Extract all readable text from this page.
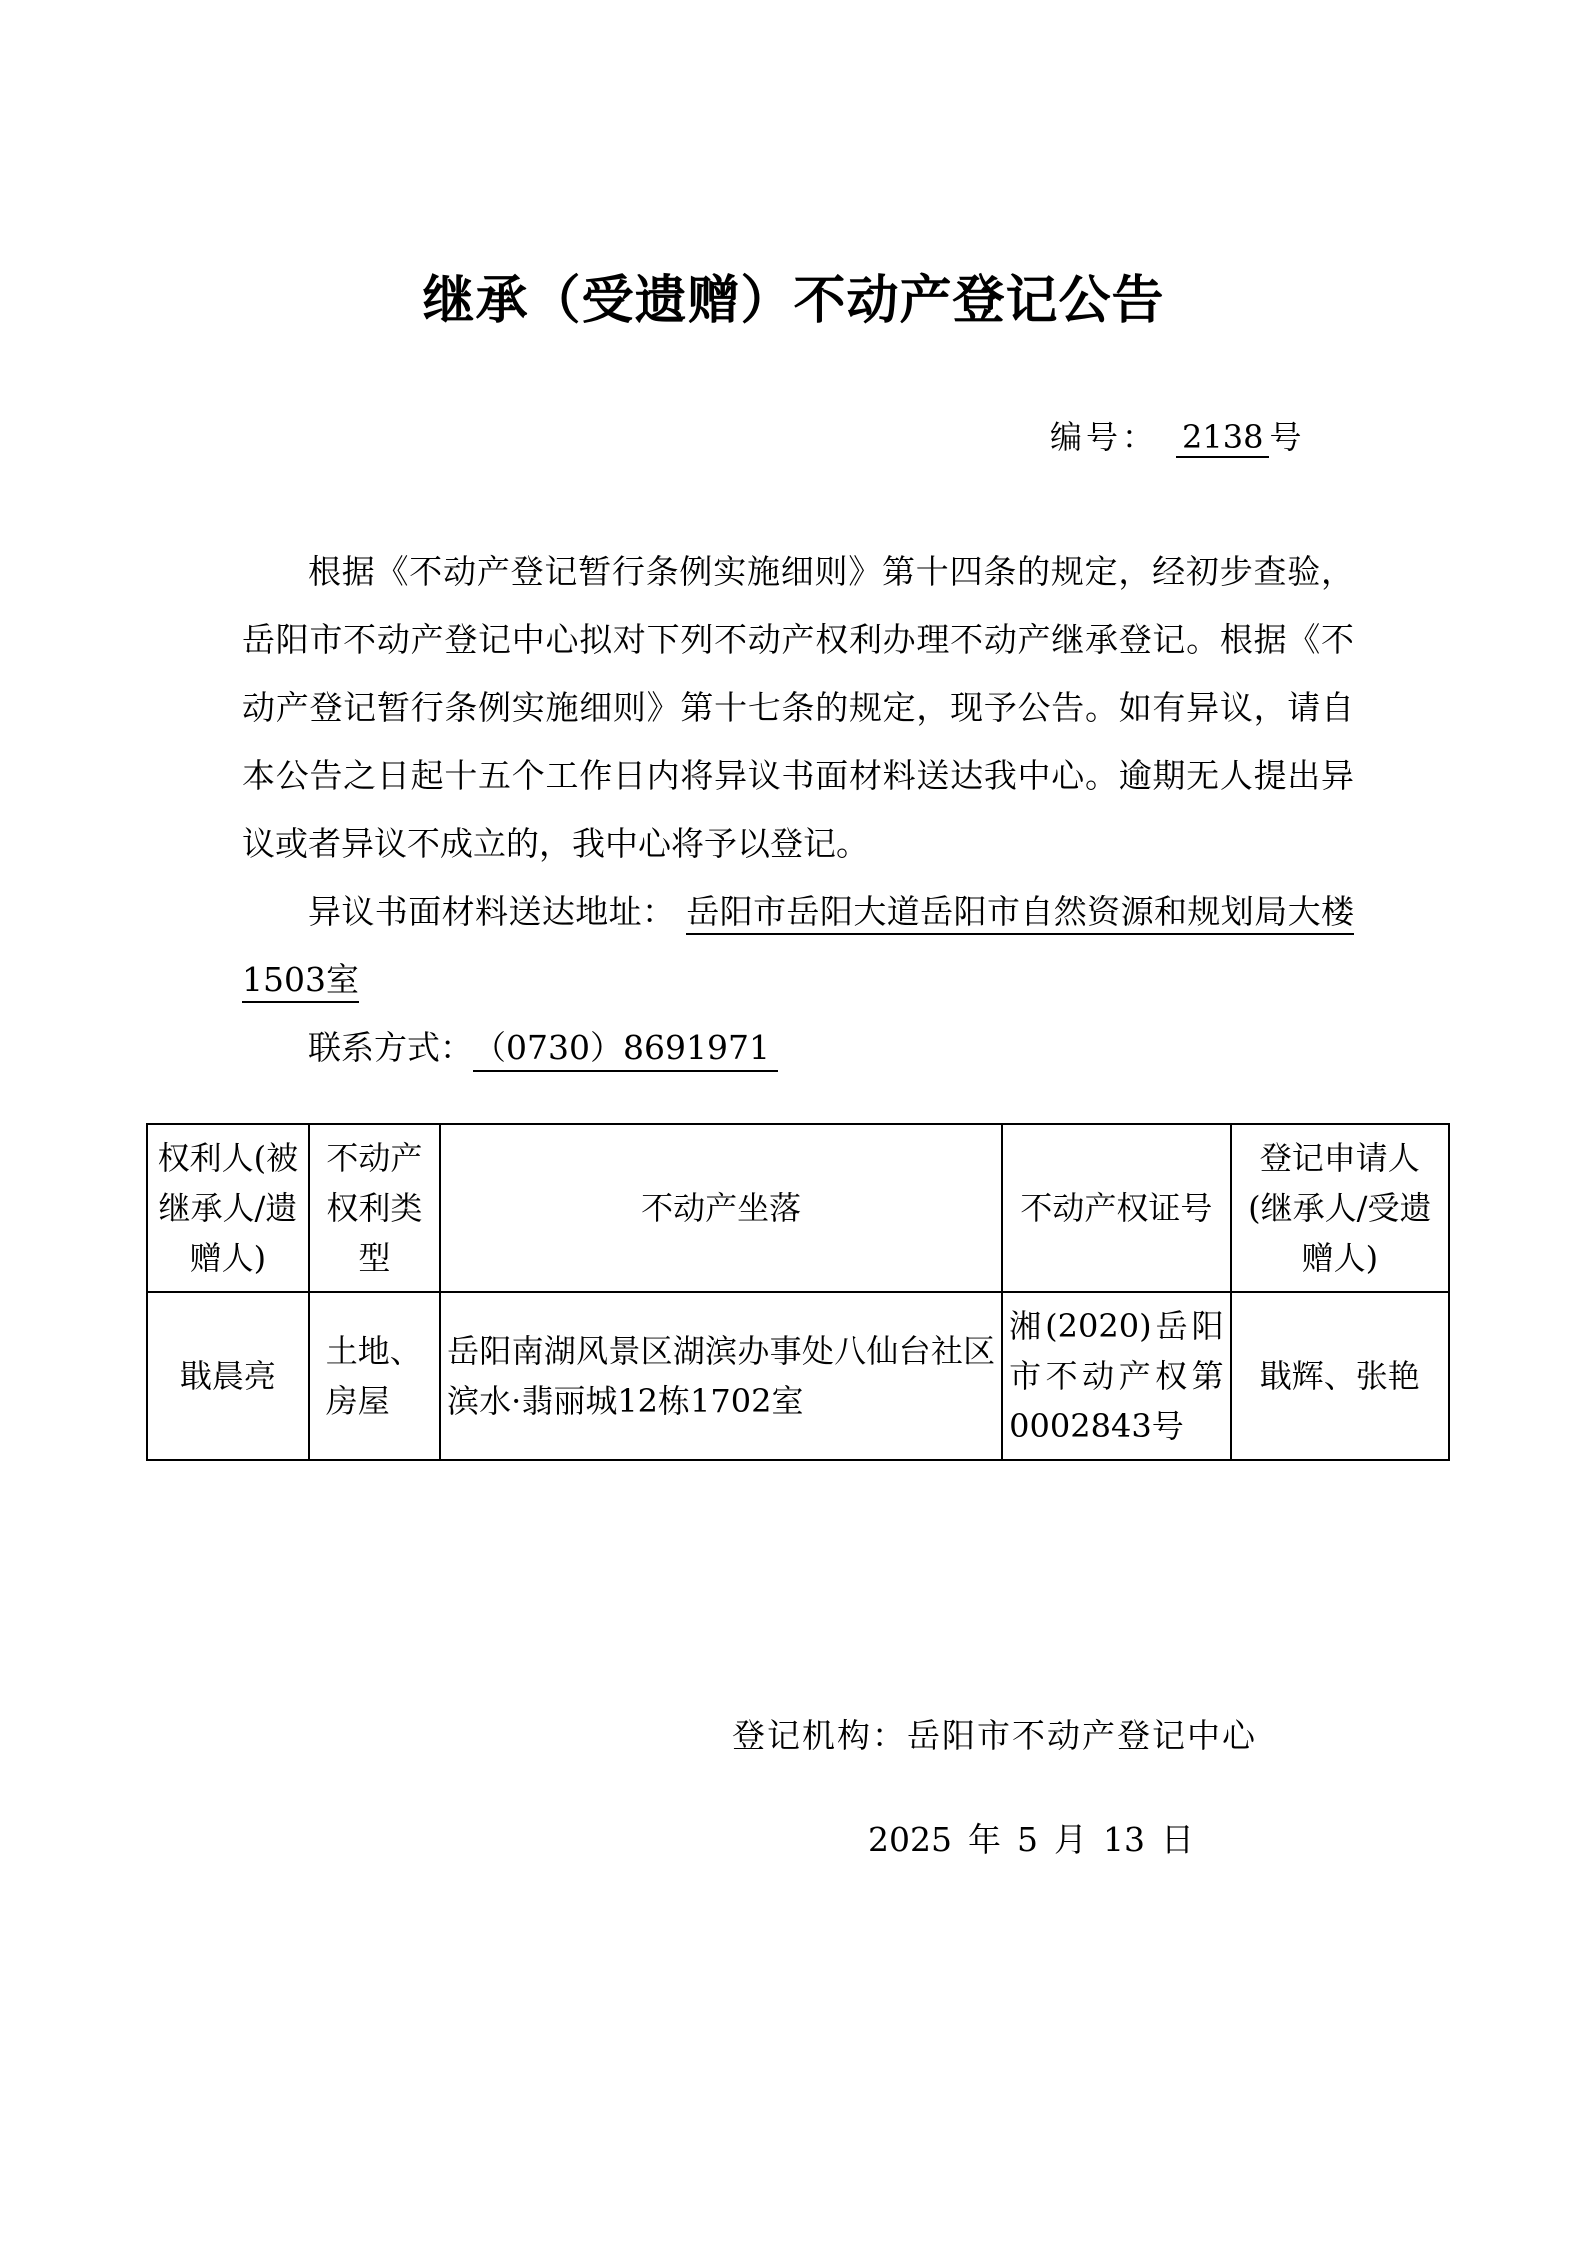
继承（受遗赠）不动产登记公告
编号： 2138 号

根据《不动产登记暂行条例实施细则》第十四条的规定，经初步查验，岳阳市不动产登记中心拟对下列不动产权利办理不动产继承登记。根据《不动产登记暂行条例实施细则》第十七条的规定，现予公告。如有异议，请自本公告之日起十五个工作日内将异议书面材料送达我中心。逾期无人提出异议或者异议不成立的，我中心将予以登记。

异议书面材料送达地址： 岳阳市岳阳大道岳阳市自然资源和规划局大楼1503室

联系方式：（0730）8691971

权利人(被继承人/遗赠人)	不动产权利类型	不动产坐落	不动产权证号	登记申请人(继承人/受遗赠人)
戢晨亮	土地、房屋	岳阳南湖风景区湖滨办事处八仙台社区滨水·翡丽城12栋1702室	湘(2020)岳阳市不动产权第0002843号	戢辉、张艳
登记机构：岳阳市不动产登记中心
2025 年 5 月 13 日
